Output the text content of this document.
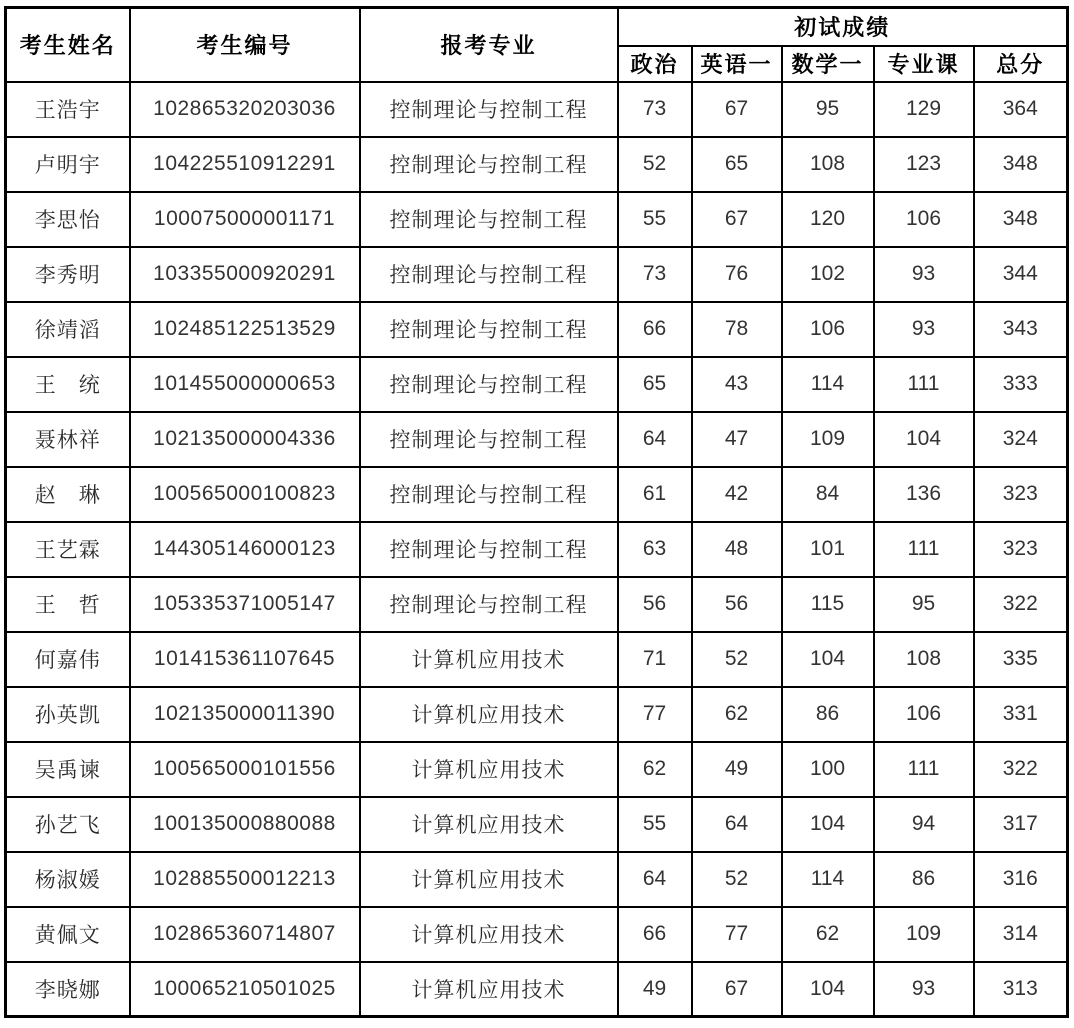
考生姓名	考生编号	报考专业	初试成绩				
			政治	英语一	数学一	专业课	总分
王浩宇	102865320203036	控制理论与控制工程	73	67	95	129	364
卢明宇	104225510912291	控制理论与控制工程	52	65	108	123	348
李思怡	100075000001171	控制理论与控制工程	55	67	120	106	348
李秀明	103355000920291	控制理论与控制工程	73	76	102	93	344
徐靖滔	102485122513529	控制理论与控制工程	66	78	106	93	343
王　统	101455000000653	控制理论与控制工程	65	43	114	111	333
聂林祥	102135000004336	控制理论与控制工程	64	47	109	104	324
赵　琳	100565000100823	控制理论与控制工程	61	42	84	136	323
王艺霖	144305146000123	控制理论与控制工程	63	48	101	111	323
王　哲	105335371005147	控制理论与控制工程	56	56	115	95	322
何嘉伟	101415361107645	计算机应用技术	71	52	104	108	335
孙英凯	102135000011390	计算机应用技术	77	62	86	106	331
吴禹谏	100565000101556	计算机应用技术	62	49	100	111	322
孙艺飞	100135000880088	计算机应用技术	55	64	104	94	317
杨淑媛	102885500012213	计算机应用技术	64	52	114	86	316
黄佩文	102865360714807	计算机应用技术	66	77	62	109	314
李晓娜	100065210501025	计算机应用技术	49	67	104	93	313
